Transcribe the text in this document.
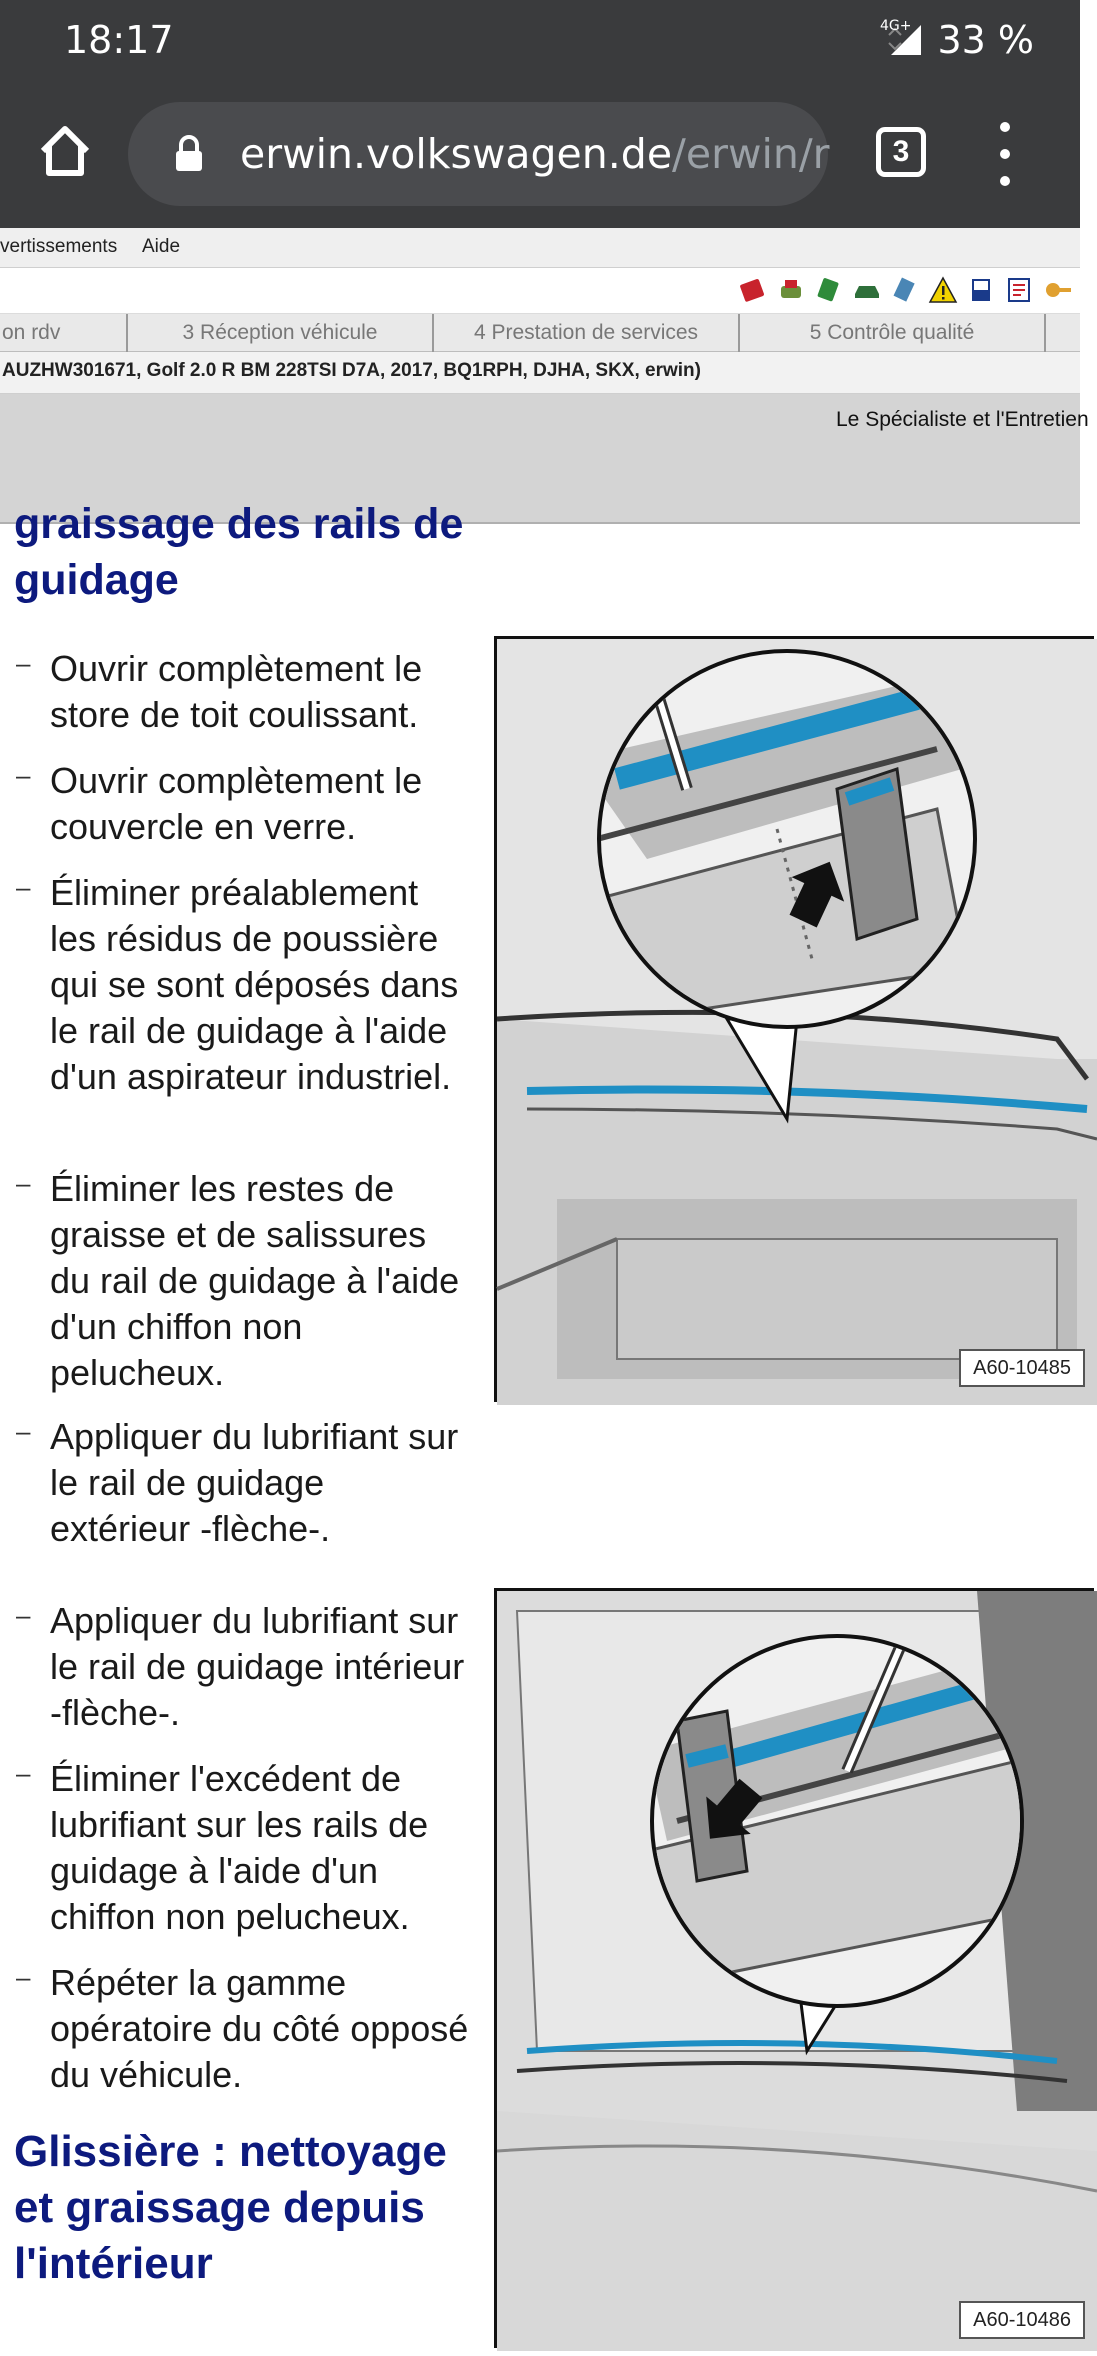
18:17	4G+ 33 %
erwin.volkswagen.de/erwin/r	3
vertissements Aide
on rdv	3 Réception véhicule	4 Prestation de services	5 Contrôle qualité
AUZHW301671, Golf 2.0 R BM 228TSI D7A, 2017, BQ1RPH, DJHA, SKX, erwin)
Le Spécialiste et l'Entretien
graissage des rails de
guidage
– Ouvrir complètement le store de toit coulissant.
– Ouvrir complètement le couvercle en verre.
– Éliminer préalablement les résidus de poussière qui se sont déposés dans le rail de guidage à l'aide d'un aspirateur industriel.
– Éliminer les restes de graisse et de salissures du rail de guidage à l'aide d'un chiffon non pelucheux.
– Appliquer du lubrifiant sur le rail de guidage extérieur -flèche-.
– Appliquer du lubrifiant sur le rail de guidage intérieur -flèche-.
– Éliminer l'excédent de lubrifiant sur les rails de guidage à l'aide d'un chiffon non pelucheux.
– Répéter la gamme opératoire du côté opposé du véhicule.
Glissière : nettoyage et graissage depuis l'intérieur
A60-10485
A60-10486
